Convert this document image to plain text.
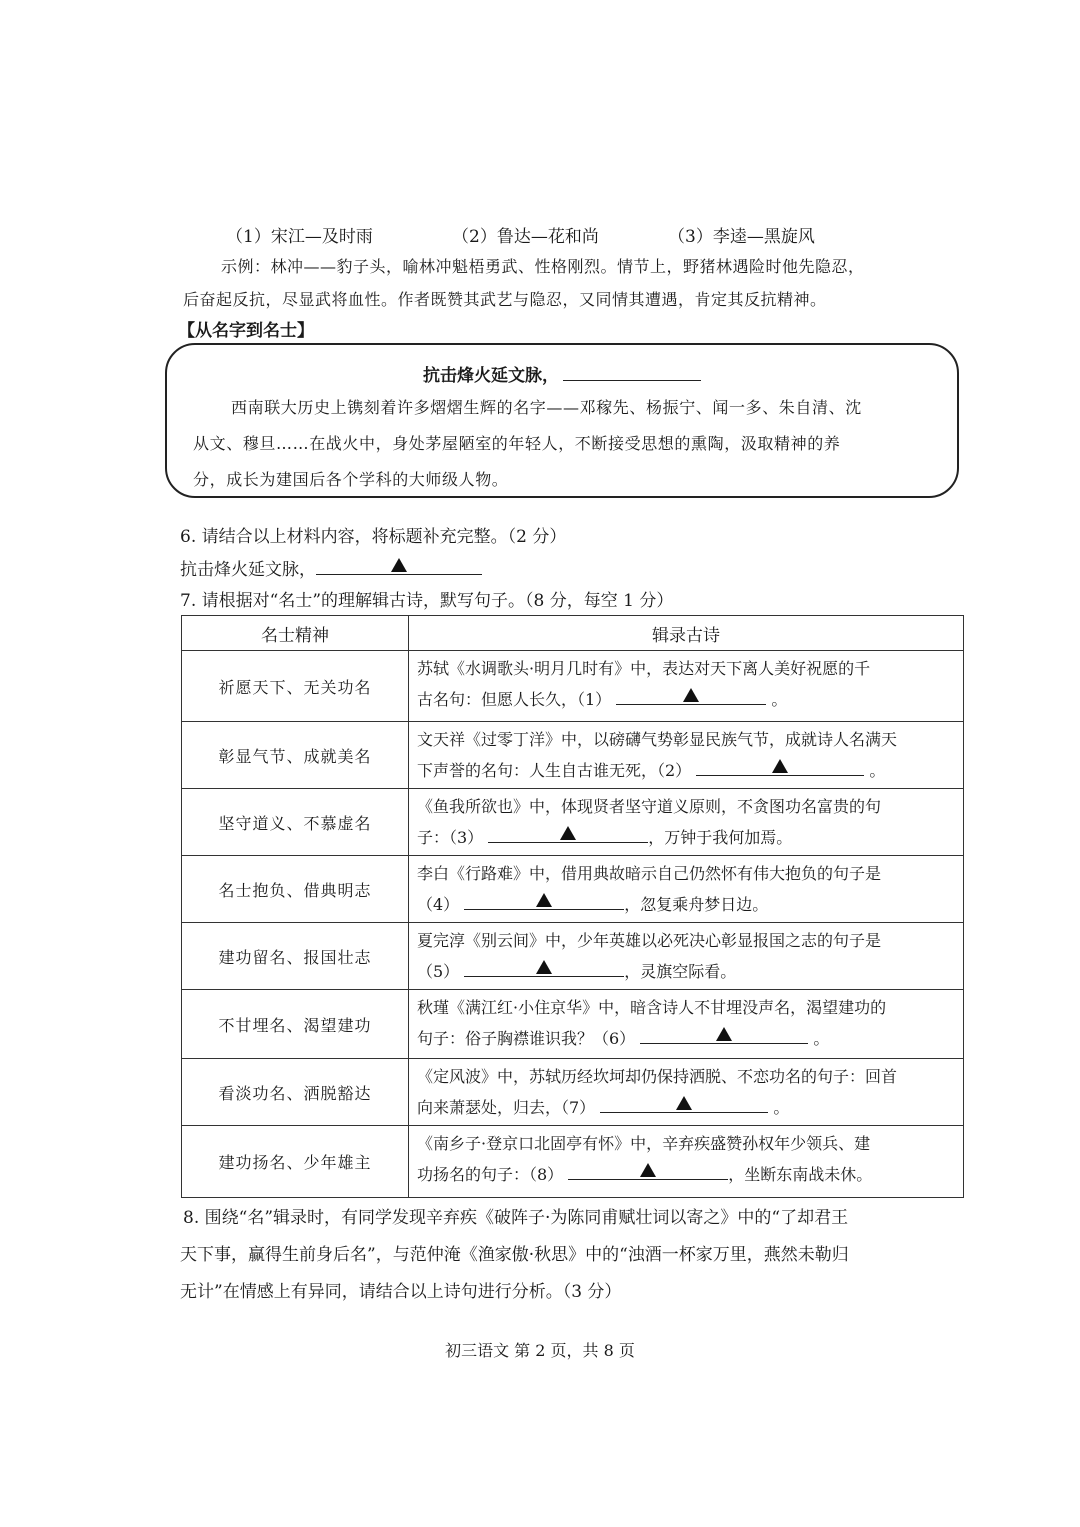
（1）宋江—及时雨	（2）鲁达—花和尚	（3）李逵—黑旋风
示例：林冲——豹子头，喻林冲魁梧勇武、性格刚烈。情节上，野猪林遇险时他先隐忍，
后奋起反抗，尽显武将血性。作者既赞其武艺与隐忍，又同情其遭遇，肯定其反抗精神。
【从名字到名士】
抗击烽火延文脉，
西南联大历史上镌刻着许多熠熠生辉的名字——邓稼先、杨振宁、闻一多、朱自清、沈
从文、穆旦……在战火中，身处茅屋陋室的年轻人，不断接受思想的熏陶，汲取精神的养
分，成长为建国后各个学科的大师级人物。
6. 请结合以上材料内容，将标题补充完整。（2 分）
抗击烽火延文脉，
7. 请根据对“名士”的理解辑古诗，默写句子。（8 分，每空 1 分）
名士精神	辑录古诗
祈愿天下、无关功名	苏轼《水调歌头·明月几时有》中，表达对天下离人美好祝愿的千
古名句：但愿人长久，（1） 。

彰显气节、成就美名	文天祥《过零丁洋》中，以磅礴气势彰显民族气节，成就诗人名满天
下声誉的名句：人生自古谁无死，（2） 。

坚守道义、不慕虚名	《鱼我所欲也》中，体现贤者坚守道义原则，不贪图功名富贵的句
子：（3） ，万钟于我何加焉。

名士抱负、借典明志	李白《行路难》中，借用典故暗示自己仍然怀有伟大抱负的句子是
（4） ，忽复乘舟梦日边。

建功留名、报国壮志	夏完淳《别云间》中，少年英雄以必死决心彰显报国之志的句子是
（5） ，灵旗空际看。

不甘埋名、渴望建功	秋瑾《满江红·小住京华》中，暗含诗人不甘埋没声名，渴望建功的
句子：俗子胸襟谁识我？（6） 。

看淡功名、洒脱豁达	《定风波》中，苏轼历经坎坷却仍保持洒脱、不恋功名的句子：回首
向来萧瑟处，归去，（7） 。

建功扬名、少年雄主	《南乡子·登京口北固亭有怀》中，辛弃疾盛赞孙权年少领兵、建
功扬名的句子：（8） ，坐断东南战未休。
8. 围绕“名”辑录时，有同学发现辛弃疾《破阵子·为陈同甫赋壮词以寄之》中的“了却君王
天下事，赢得生前身后名”，与范仲淹《渔家傲·秋思》中的“浊酒一杯家万里，燕然未勒归
无计”在情感上有异同，请结合以上诗句进行分析。（3 分）
初三语文 第 2 页，共 8 页
